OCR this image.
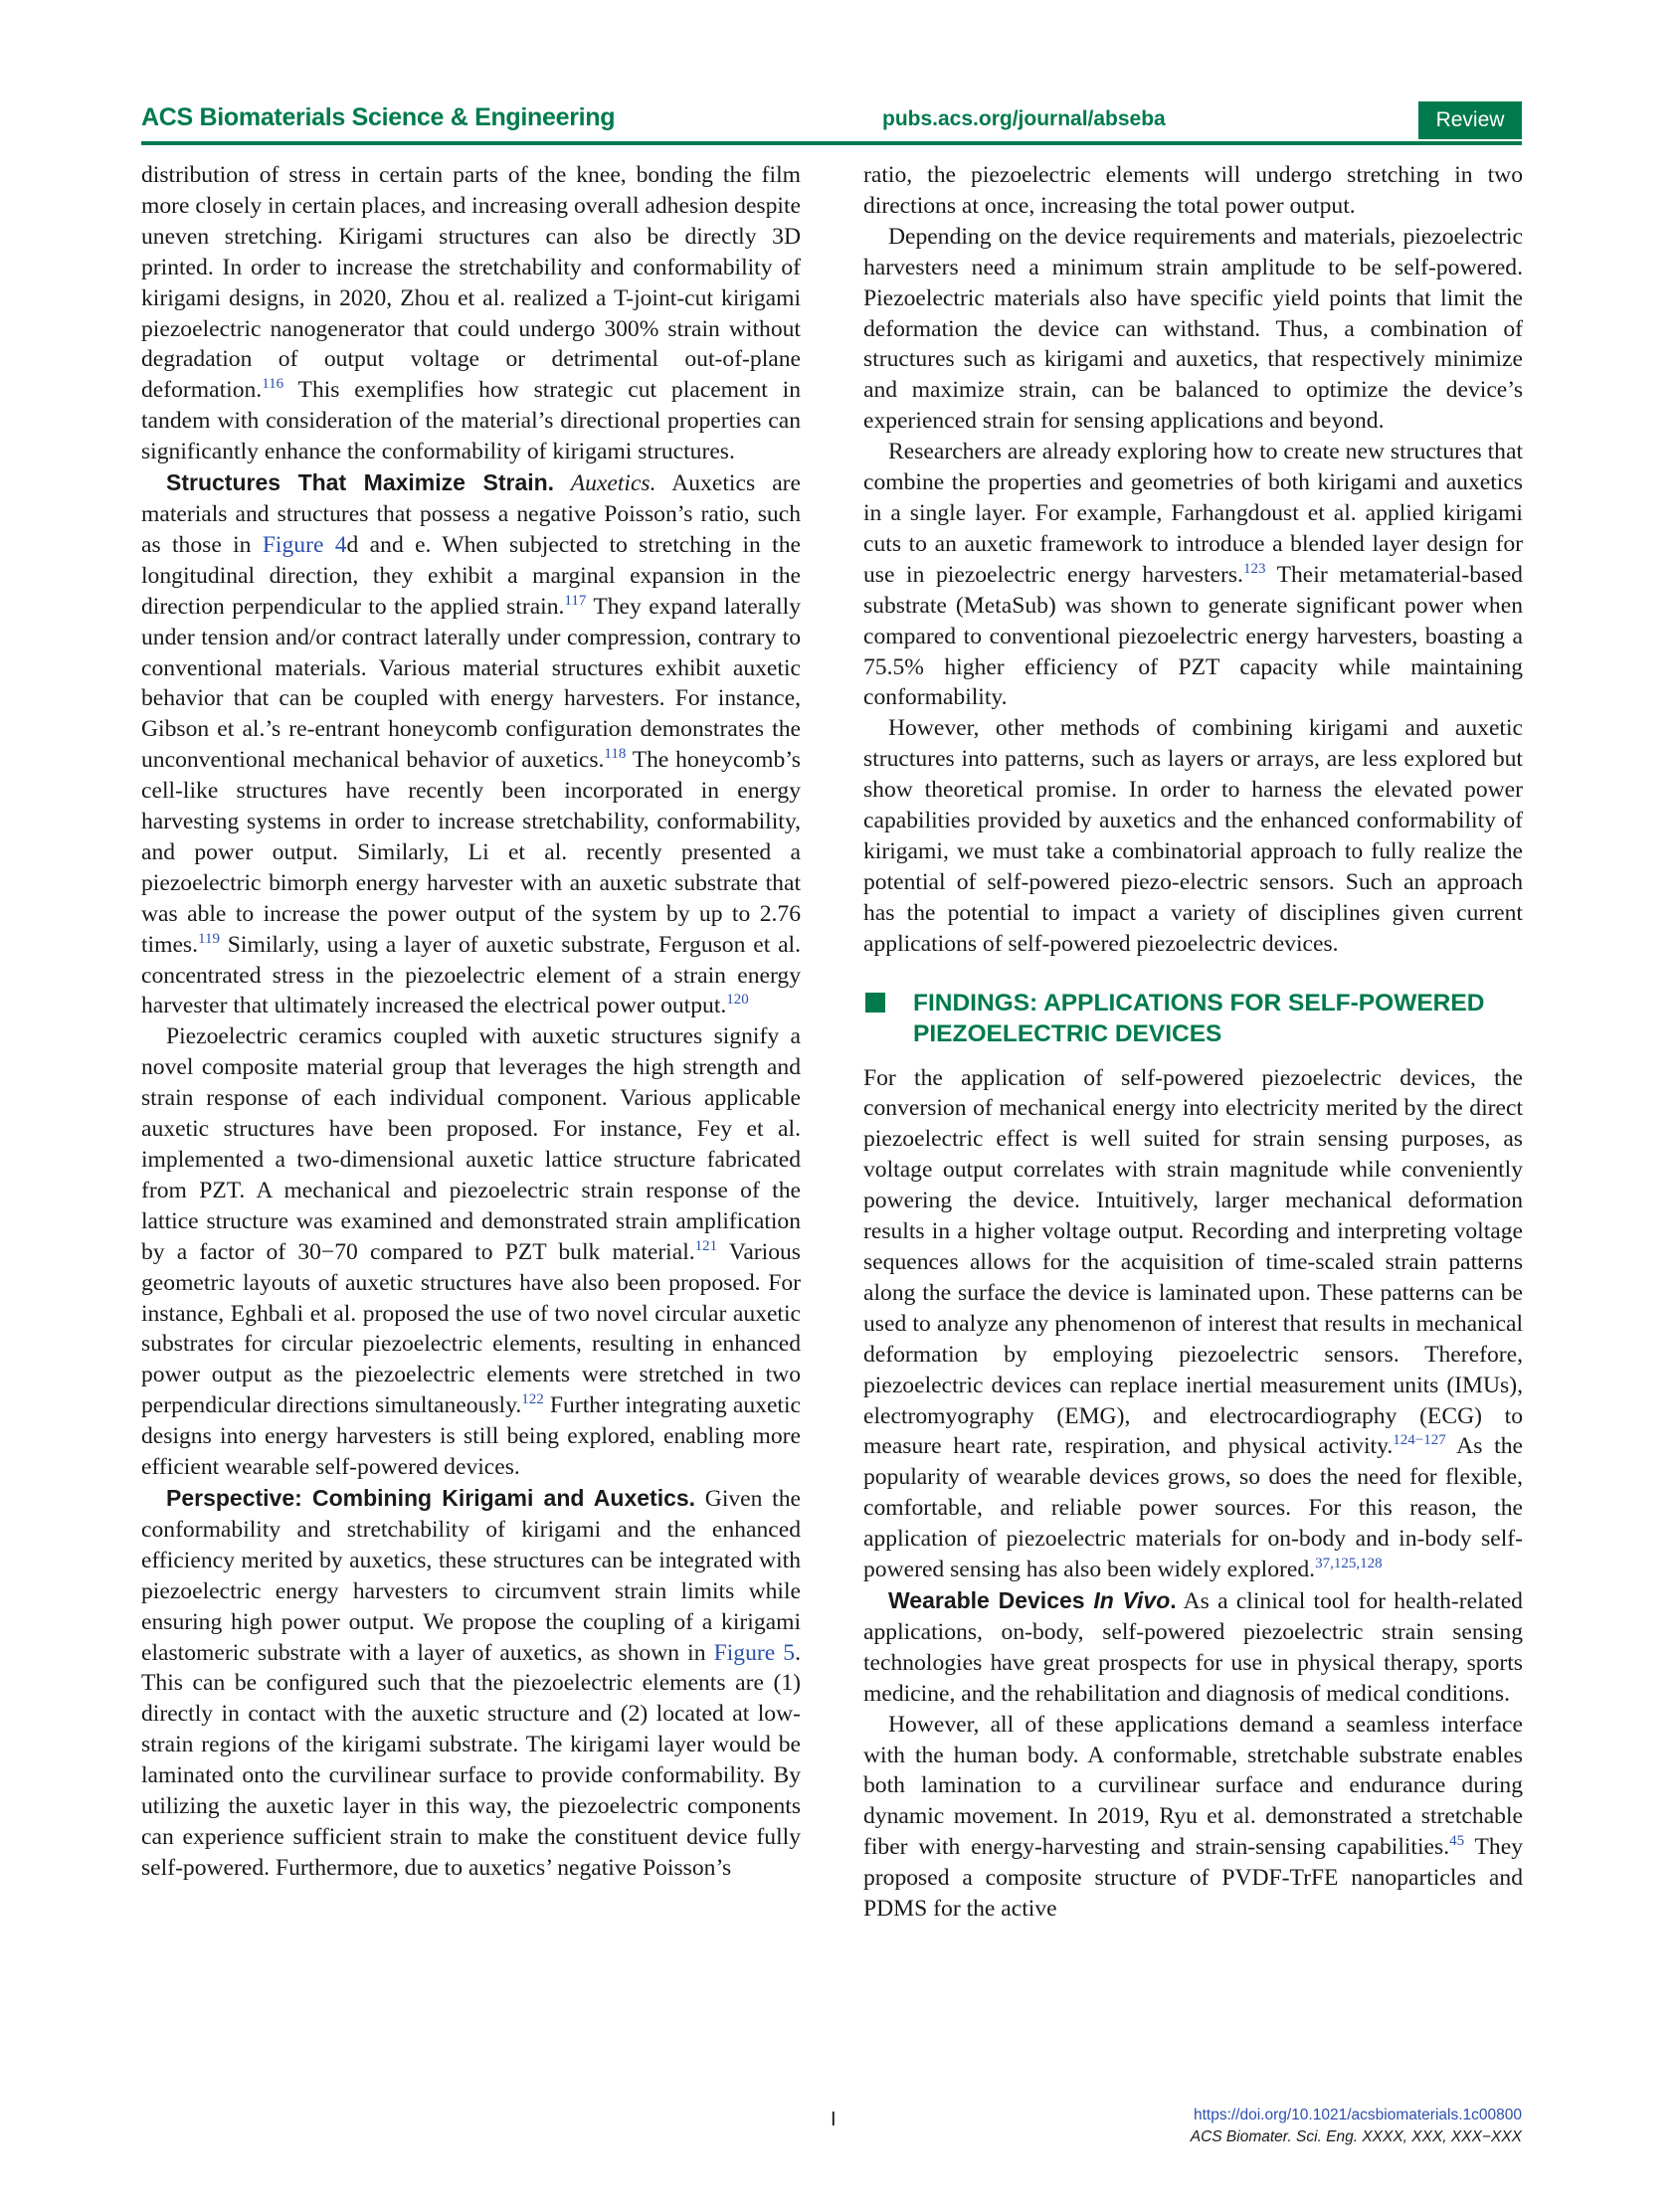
ACS Biomaterials Science & Engineering	pubs.acs.org/journal/abseba	Review

distribution of stress in certain parts of the knee, bonding the film more closely in certain places, and increasing overall adhesion despite uneven stretching. Kirigami structures can also be directly 3D printed. In order to increase the stretchability and conformability of kirigami designs, in 2020, Zhou et al. realized a T-joint-cut kirigami piezoelectric nanogenerator that could undergo 300% strain without degradation of output voltage or detrimental out-of-plane deformation.$^{116}$ This exemplifies how strategic cut placement in tandem with consideration of the material’s directional properties can significantly enhance the conformability of kirigami structures.

Structures That Maximize Strain. Auxetics. Auxetics are materials and structures that possess a negative Poisson’s ratio, such as those in Figure 4d and e. When subjected to stretching in the longitudinal direction, they exhibit a marginal expansion in the direction perpendicular to the applied strain.$^{117}$ They expand laterally under tension and/or contract laterally under compression, contrary to conventional materials. Various material structures exhibit auxetic behavior that can be coupled with energy harvesters. For instance, Gibson et al.’s re-entrant honeycomb configuration demonstrates the unconventional mechanical behavior of auxetics.$^{118}$ The honeycomb’s cell-like structures have recently been incorporated in energy harvesting systems in order to increase stretchability, conformability, and power output. Similarly, Li et al. recently presented a piezoelectric bimorph energy harvester with an auxetic substrate that was able to increase the power output of the system by up to 2.76 times.$^{119}$ Similarly, using a layer of auxetic substrate, Ferguson et al. concentrated stress in the piezoelectric element of a strain energy harvester that ultimately increased the electrical power output.$^{120}$

Piezoelectric ceramics coupled with auxetic structures signify a novel composite material group that leverages the high strength and strain response of each individual component. Various applicable auxetic structures have been proposed. For instance, Fey et al. implemented a two-dimensional auxetic lattice structure fabricated from PZT. A mechanical and piezoelectric strain response of the lattice structure was examined and demonstrated strain amplification by a factor of 30−70 compared to PZT bulk material.$^{121}$ Various geometric layouts of auxetic structures have also been proposed. For instance, Eghbali et al. proposed the use of two novel circular auxetic substrates for circular piezoelectric elements, resulting in enhanced power output as the piezoelectric elements were stretched in two perpendicular directions simultaneously.$^{122}$ Further integrating auxetic designs into energy harvesters is still being explored, enabling more efficient wearable self-powered devices.

Perspective: Combining Kirigami and Auxetics. Given the conformability and stretchability of kirigami and the enhanced efficiency merited by auxetics, these structures can be integrated with piezoelectric energy harvesters to circumvent strain limits while ensuring high power output. We propose the coupling of a kirigami elastomeric substrate with a layer of auxetics, as shown in Figure 5. This can be configured such that the piezoelectric elements are (1) directly in contact with the auxetic structure and (2) located at low-strain regions of the kirigami substrate. The kirigami layer would be laminated onto the curvilinear surface to provide conformability. By utilizing the auxetic layer in this way, the piezoelectric components can experience sufficient strain to make the constituent device fully self-powered. Furthermore, due to auxetics’ negative Poisson’s

ratio, the piezoelectric elements will undergo stretching in two directions at once, increasing the total power output.

Depending on the device requirements and materials, piezoelectric harvesters need a minimum strain amplitude to be self-powered. Piezoelectric materials also have specific yield points that limit the deformation the device can withstand. Thus, a combination of structures such as kirigami and auxetics, that respectively minimize and maximize strain, can be balanced to optimize the device’s experienced strain for sensing applications and beyond.

Researchers are already exploring how to create new structures that combine the properties and geometries of both kirigami and auxetics in a single layer. For example, Farhangdoust et al. applied kirigami cuts to an auxetic framework to introduce a blended layer design for use in piezoelectric energy harvesters.$^{123}$ Their metamaterial-based substrate (MetaSub) was shown to generate significant power when compared to conventional piezoelectric energy harvesters, boasting a 75.5% higher efficiency of PZT capacity while maintaining conformability.

However, other methods of combining kirigami and auxetic structures into patterns, such as layers or arrays, are less explored but show theoretical promise. In order to harness the elevated power capabilities provided by auxetics and the enhanced conformability of kirigami, we must take a combinatorial approach to fully realize the potential of self-powered piezo-electric sensors. Such an approach has the potential to impact a variety of disciplines given current applications of self-powered piezoelectric devices.

FINDINGS: APPLICATIONS FOR SELF-POWERED PIEZOELECTRIC DEVICES

For the application of self-powered piezoelectric devices, the conversion of mechanical energy into electricity merited by the direct piezoelectric effect is well suited for strain sensing purposes, as voltage output correlates with strain magnitude while conveniently powering the device. Intuitively, larger mechanical deformation results in a higher voltage output. Recording and interpreting voltage sequences allows for the acquisition of time-scaled strain patterns along the surface the device is laminated upon. These patterns can be used to analyze any phenomenon of interest that results in mechanical deformation by employing piezoelectric sensors. Therefore, piezoelectric devices can replace inertial measurement units (IMUs), electromyography (EMG), and electrocardiography (ECG) to measure heart rate, respiration, and physical activity.$^{124-127}$ As the popularity of wearable devices grows, so does the need for flexible, comfortable, and reliable power sources. For this reason, the application of piezoelectric materials for on-body and in-body self-powered sensing has also been widely explored.$^{37,125,128}$

Wearable Devices In Vivo. As a clinical tool for health-related applications, on-body, self-powered piezoelectric strain sensing technologies have great prospects for use in physical therapy, sports medicine, and the rehabilitation and diagnosis of medical conditions.

However, all of these applications demand a seamless interface with the human body. A conformable, stretchable substrate enables both lamination to a curvilinear surface and endurance during dynamic movement. In 2019, Ryu et al. demonstrated a stretchable fiber with energy-harvesting and strain-sensing capabilities.$^{45}$ They proposed a composite structure of PVDF-TrFE nanoparticles and PDMS for the active

I	https://doi.org/10.1021/acsbiomaterials.1c00800
ACS Biomater. Sci. Eng. XXXX, XXX, XXX−XXX
